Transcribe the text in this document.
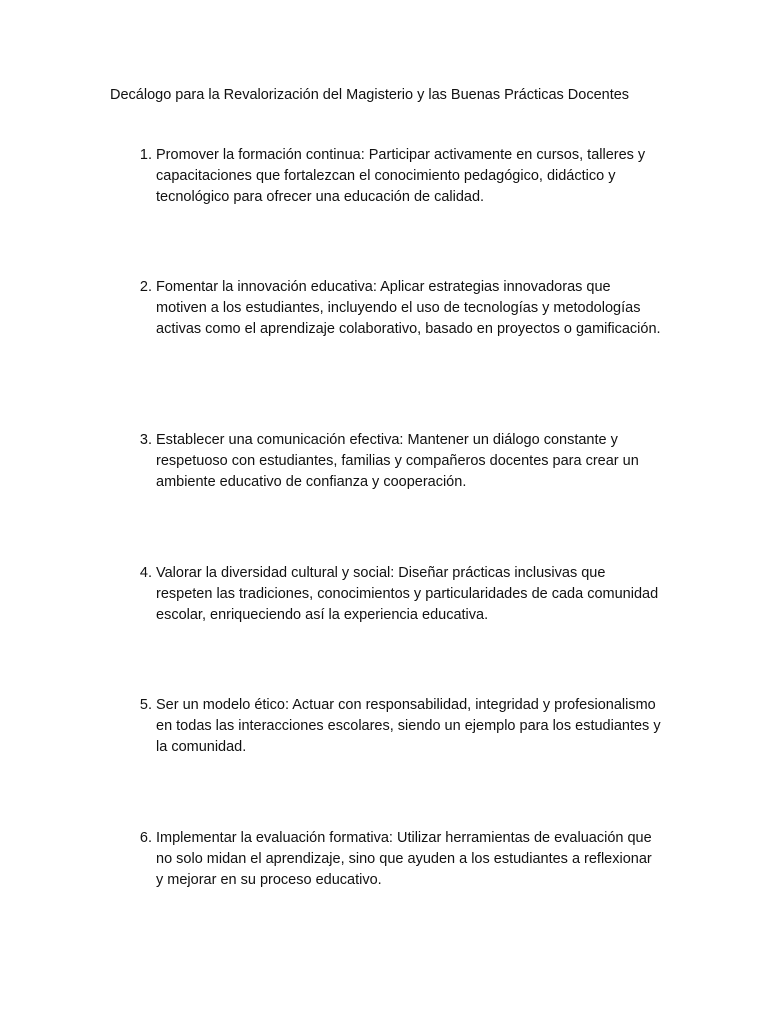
Decálogo para la Revalorización del Magisterio y las Buenas Prácticas Docentes
1. Promover la formación continua: Participar activamente en cursos, talleres y capacitaciones que fortalezcan el conocimiento pedagógico, didáctico y tecnológico para ofrecer una educación de calidad.
2. Fomentar la innovación educativa: Aplicar estrategias innovadoras que motiven a los estudiantes, incluyendo el uso de tecnologías y metodologías activas como el aprendizaje colaborativo, basado en proyectos o gamificación.
3. Establecer una comunicación efectiva: Mantener un diálogo constante y respetuoso con estudiantes, familias y compañeros docentes para crear un ambiente educativo de confianza y cooperación.
4. Valorar la diversidad cultural y social: Diseñar prácticas inclusivas que respeten las tradiciones, conocimientos y particularidades de cada comunidad escolar, enriqueciendo así la experiencia educativa.
5. Ser un modelo ético: Actuar con responsabilidad, integridad y profesionalismo en todas las interacciones escolares, siendo un ejemplo para los estudiantes y la comunidad.
6. Implementar la evaluación formativa: Utilizar herramientas de evaluación que no solo midan el aprendizaje, sino que ayuden a los estudiantes a reflexionar y mejorar en su proceso educativo.
